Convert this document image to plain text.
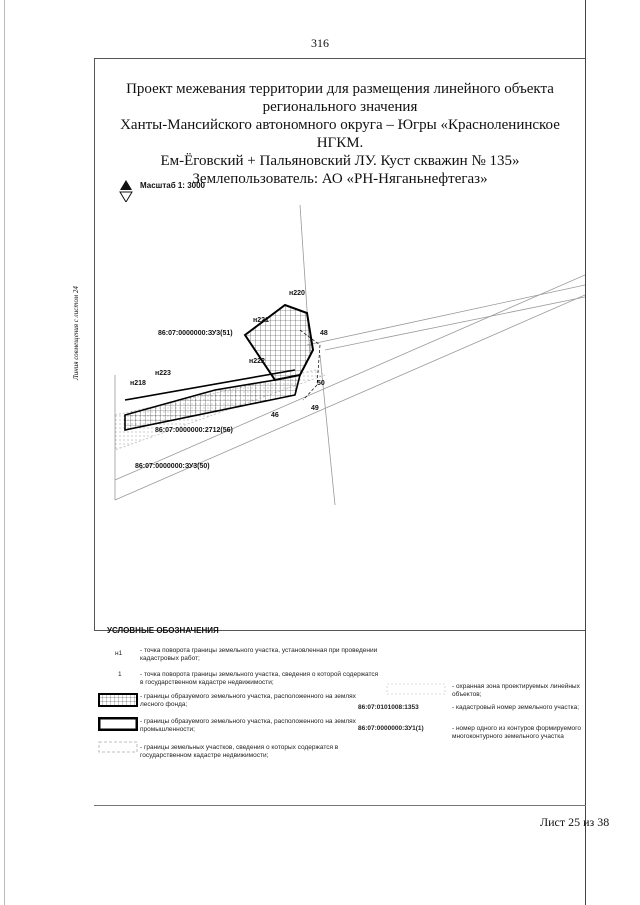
316
Проект межевания территории для размещения линейного объекта
регионального значения
Ханты-Мансийского автономного округа – Югры «Красноленинское НГКМ.
Ем-Ёговский + Пальяновский ЛУ. Куст скважин № 135»
Землепользователь: АО «РН-Няганьнефтегаз»
Масштаб 1: 3000
Линия совмещения с листом 24	н220
н221
н222
н223
н218
48
50
49
46
86:07:0000000:ЗУ3(51)
86:07:0000000:2712(56)
86:07:0000000:ЗУ3(50)
УСЛОВНЫЕ ОБОЗНАЧЕНИЯ
н1	- точка поворота границы земельного участка, установленная при проведении кадастровых работ;
1	- точка поворота границы земельного участка, сведения о которой содержатся в государственном кадастре недвижимости;
- границы образуемого земельного участка, расположенного на землях лесного фонда;
- границы образуемого земельного участка, расположенного на землях промышленности;
- границы земельных участков, сведения о которых содержатся в государственном кадастре недвижимости;
- охранная зона проектируемых линейных объектов;
86:07:0101008:1353	- кадастровый номер земельного участка;
86:07:0000000:ЗУ1(1)	- номер одного из контуров формируемого многоконтурного земельного участка
Лист 25 из 38
